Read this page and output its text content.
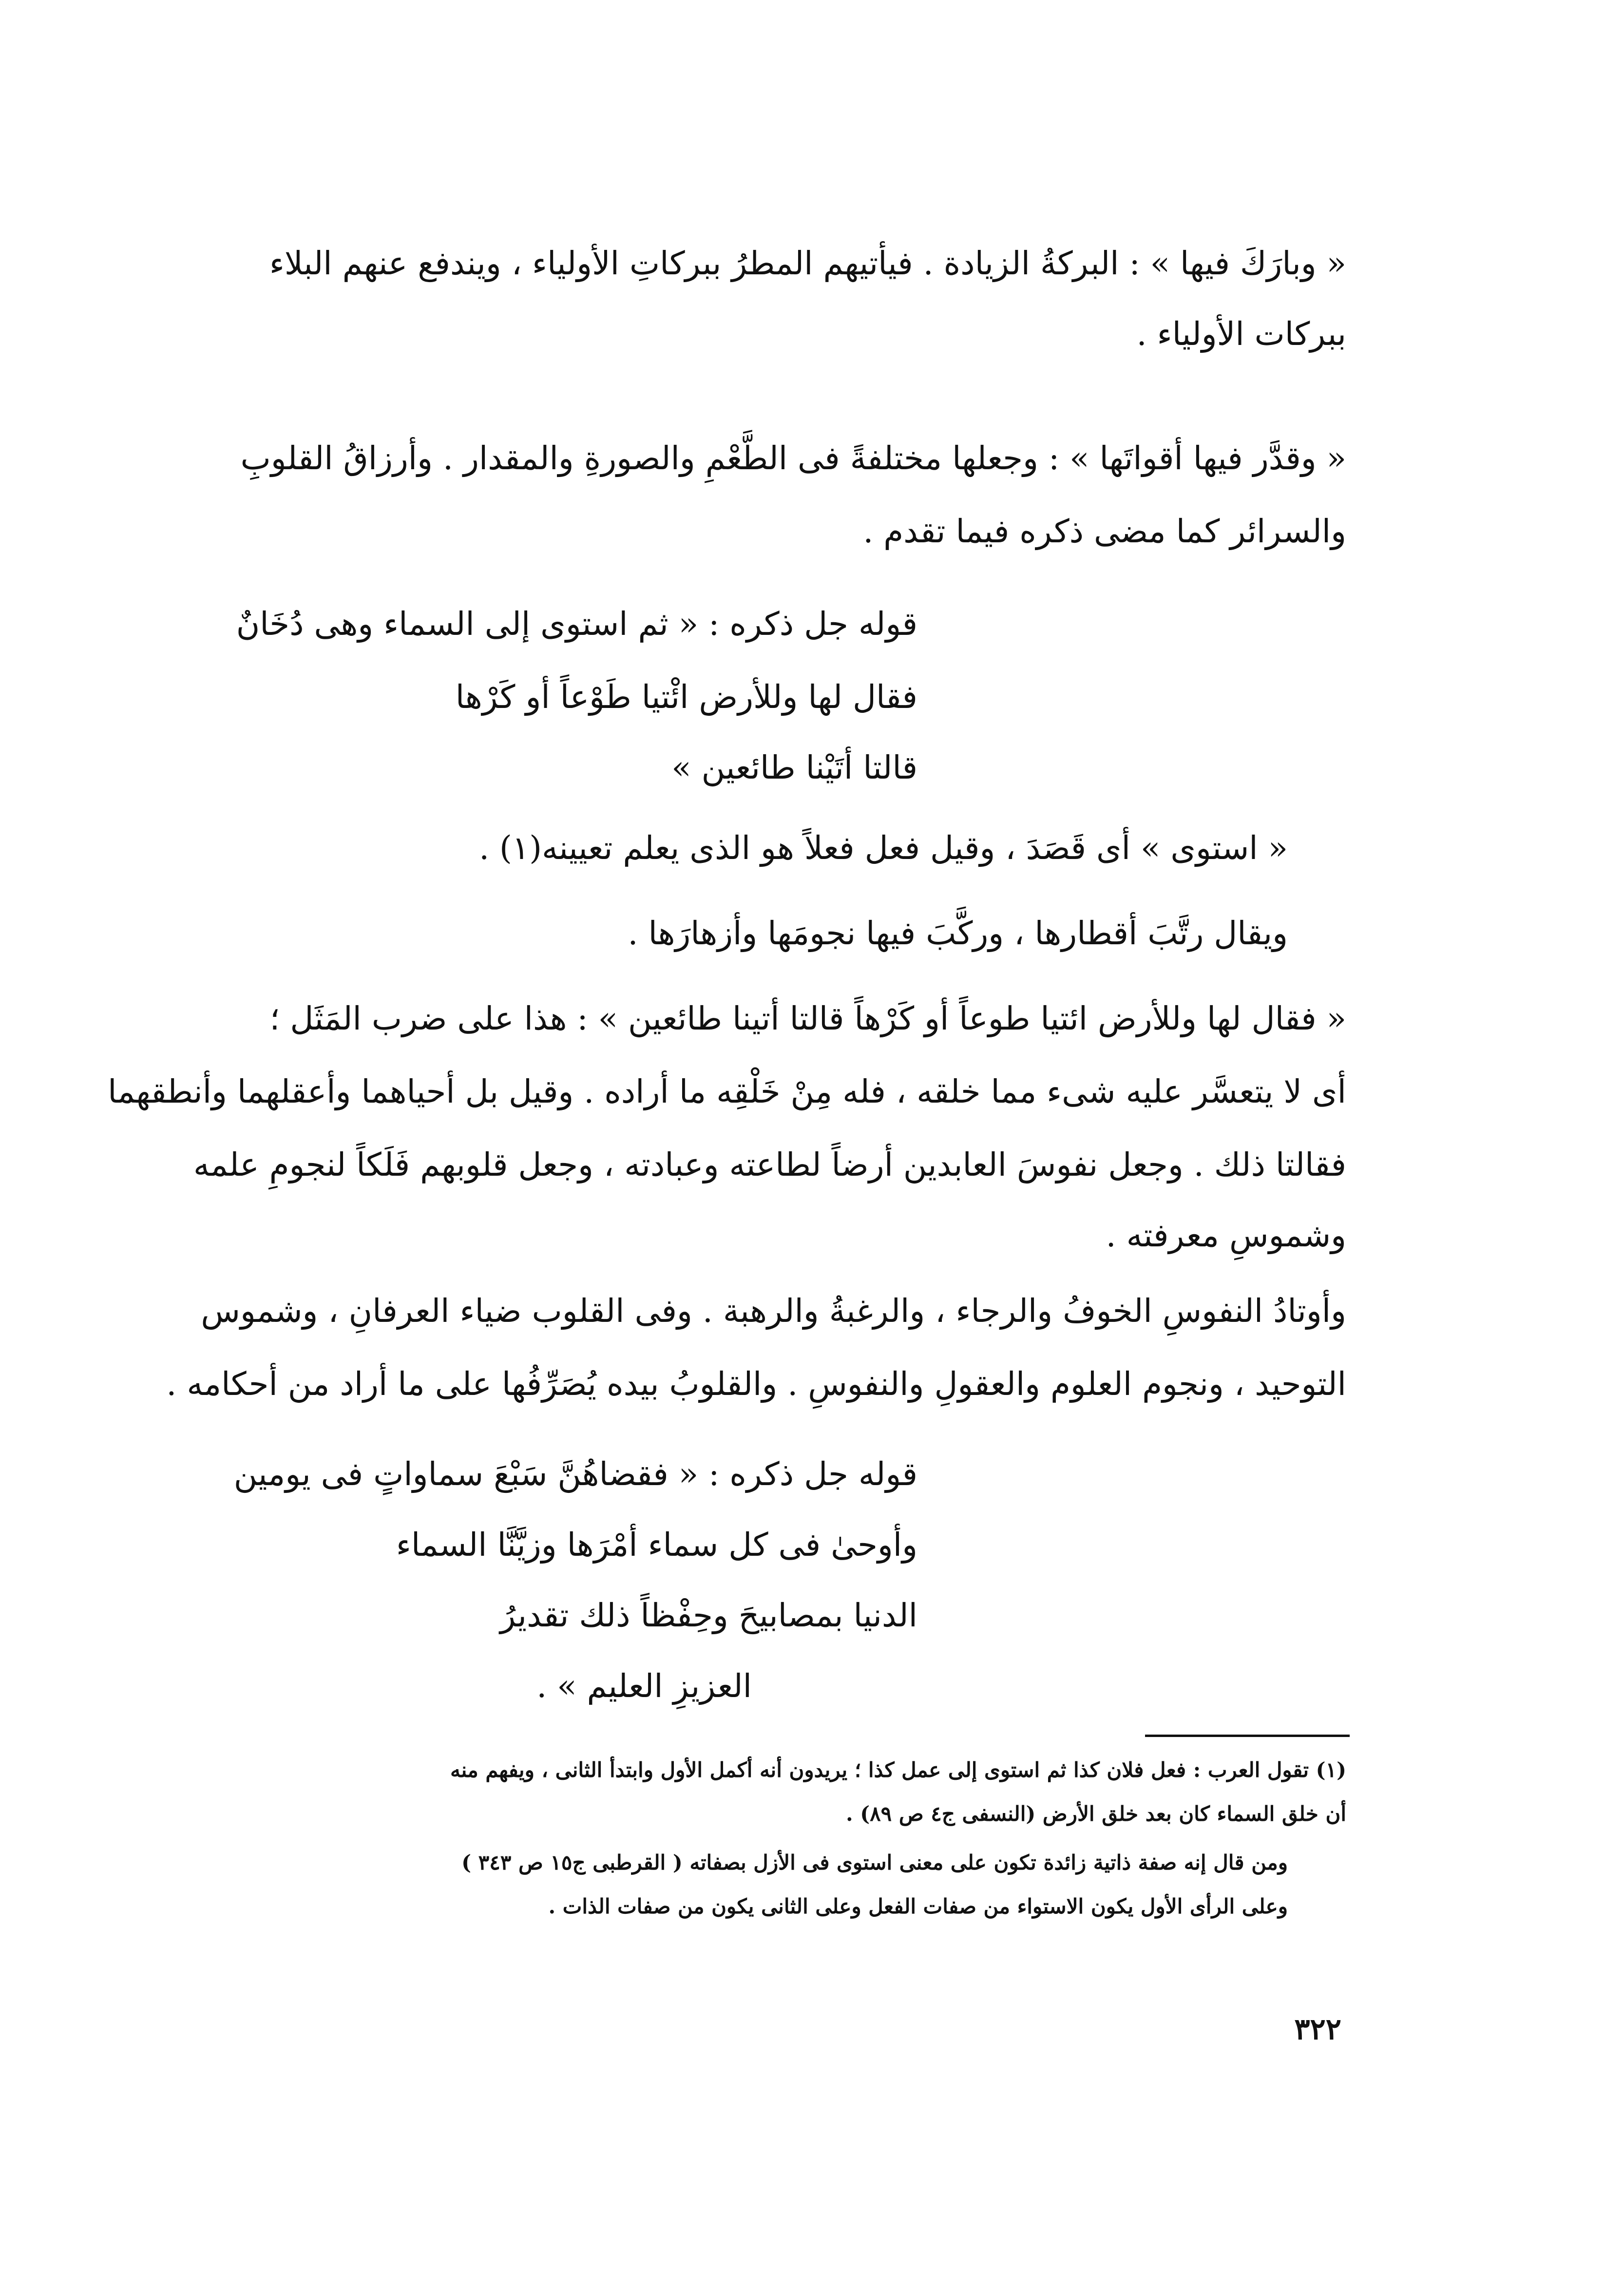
« وبارَكَ فيها » : البركةُ الزيادة . فيأتيهم المطرُ ببركاتِ الأولياء ، ويندفع عنهم البلاء
ببركات الأولياء .
« وقدَّر فيها أقواتَها » : وجعلها مختلفةً فى الطَّعْمِ والصورةِ والمقدار . وأرزاقُ القلوبِ
والسرائر كما مضى ذكره فيما تقدم .
قوله جل ذكره : « ثم استوى إلى السماء وهى دُخَانٌ
فقال لها وللأرض ائْتيا طَوْعاً أو كَرْها
قالتا أتَيْنا طائعين »
« استوى » أى قَصَدَ ، وقيل فعل فعلاً هو الذى يعلم تعيينه(١) .
ويقال رتَّبَ أقطارها ، وركَّبَ فيها نجومَها وأزهارَها .
« فقال لها وللأرض ائتيا طوعاً أو كَرْهاً قالتا أتينا طائعين » : هذا على ضرب المَثَل ؛
أى لا يتعسَّر عليه شىء مما خلقه ، فله مِنْ خَلْقِه ما أراده . وقيل بل أحياهما وأعقلهما وأنطقهما
فقالتا ذلك . وجعل نفوسَ العابدين أرضاً لطاعته وعبادته ، وجعل قلوبهم فَلَكاً لنجومِ علمه
وشموسِ معرفته .
وأوتادُ النفوسِ الخوفُ والرجاء ، والرغبةُ والرهبة . وفى القلوب ضياء العرفانِ ، وشموس
التوحيد ، ونجوم العلوم والعقولِ والنفوسِ . والقلوبُ بيده يُصَرِّفُها على ما أراد من أحكامه .
قوله جل ذكره : « فقضاهُنَّ سَبْعَ سماواتٍ فى يومين
وأوحىٰ فى كل سماء أمْرَها وزيَّنَّا السماء
الدنيا بمصابيحَ وحِفْظاً ذلك تقديرُ
العزيزِ العليم » .
(١) تقول العرب : فعل فلان كذا ثم استوى إلى عمل كذا ؛ يريدون أنه أكمل الأول وابتدأ الثانى ، ويفهم منه
أن خلق السماء كان بعد خلق الأرض (النسفى ج٤ ص ٨٩) .
ومن قال إنه صفة ذاتية زائدة تكون على معنى استوى فى الأزل بصفاته ( القرطبى ج١٥ ص ٣٤٣ )
وعلى الرأى الأول يكون الاستواء من صفات الفعل وعلى الثانى يكون من صفات الذات .
٣٢٢
